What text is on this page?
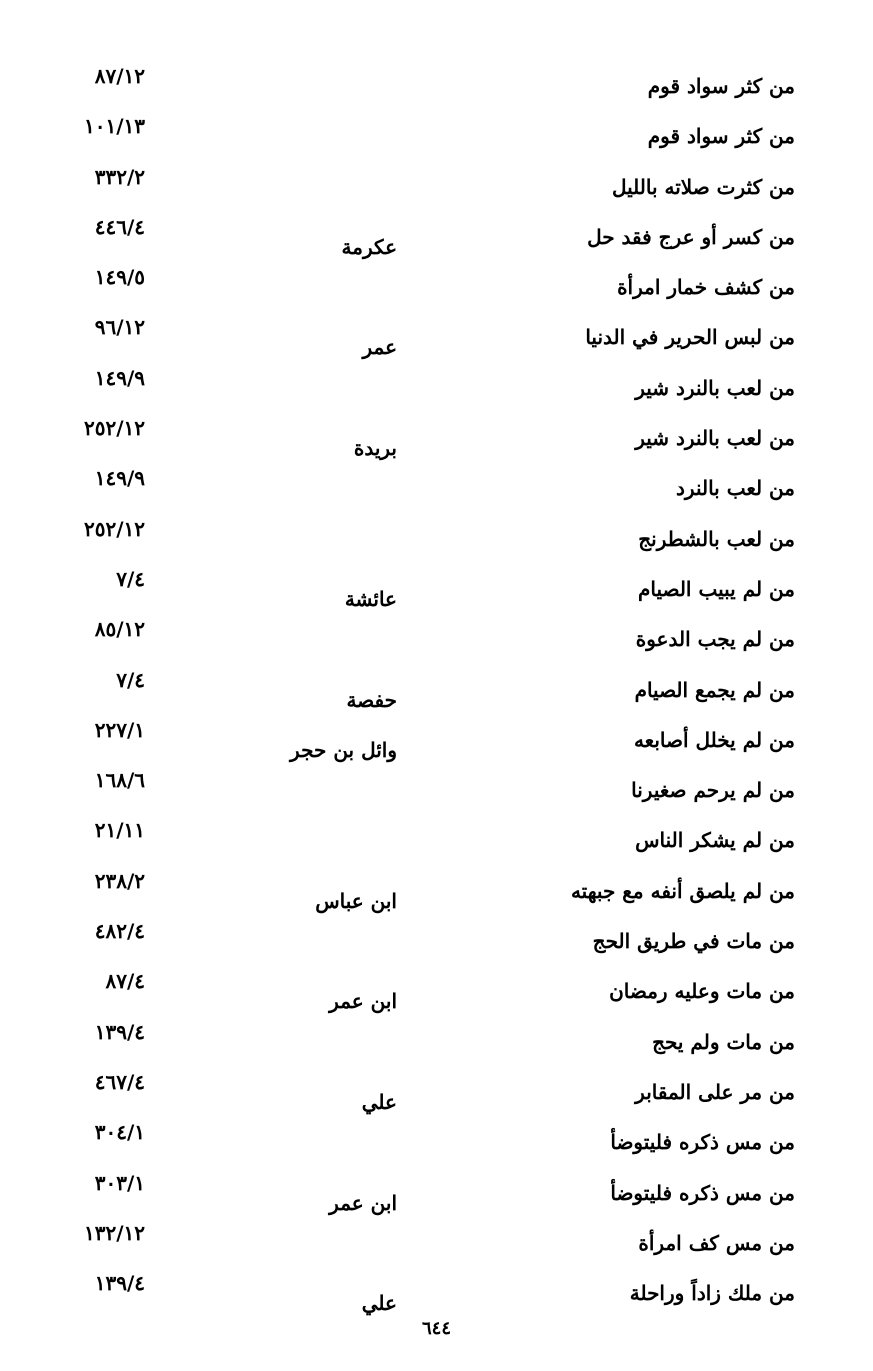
من كثر سواد قوم
٨٧/١٢
من كثر سواد قوم
١٠١/١٣
من كثرت صلاته بالليل
٣٣٢/٢
من كسر أو عرج فقد حل
عكرمة
٤٤٦/٤
من كشف خمار امرأة
١٤٩/٥
من لبس الحرير في الدنيا
عمر
٩٦/١٢
من لعب بالنرد شير
١٤٩/٩
من لعب بالنرد شير
بريدة
٢٥٢/١٢
من لعب بالنرد
١٤٩/٩
من لعب بالشطرنج
٢٥٢/١٢
من لم يبيب الصيام
عائشة
٧/٤
من لم يجب الدعوة
٨٥/١٢
من لم يجمع الصيام
حفصة
٧/٤
من لم يخلل أصابعه
وائل بن حجر
٢٢٧/١
من لم يرحم صغيرنا
١٦٨/٦
من لم يشكر الناس
٢١/١١
من لم يلصق أنفه مع جبهته
ابن عباس
٢٣٨/٢
من مات في طريق الحج
٤٨٢/٤
من مات وعليه رمضان
ابن عمر
٨٧/٤
من مات ولم يحج
١٣٩/٤
من مر على المقابر
علي
٤٦٧/٤
من مس ذكره فليتوضأ
٣٠٤/١
من مس ذكره فليتوضأ
ابن عمر
٣٠٣/١
من مس كف امرأة
١٣٢/١٢
من ملك زاداً وراحلة
علي
١٣٩/٤
٦٤٤
